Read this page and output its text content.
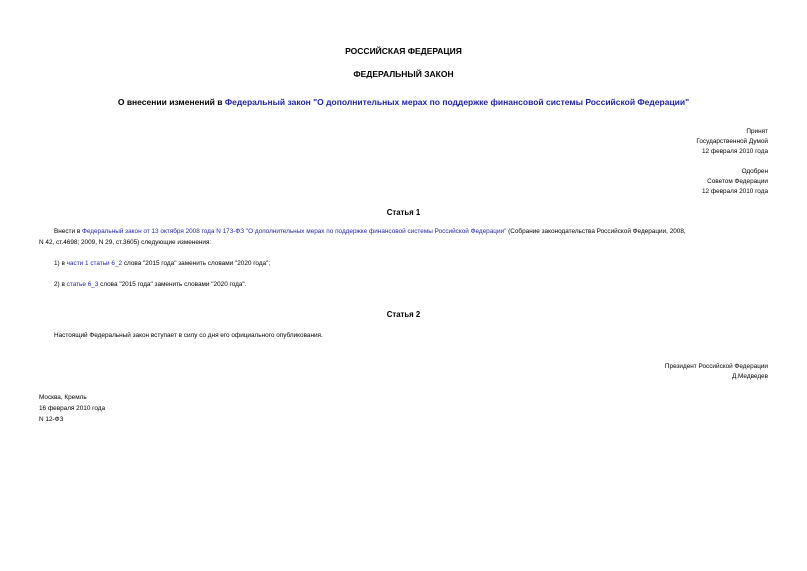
РОССИЙСКАЯ ФЕДЕРАЦИЯ
ФЕДЕРАЛЬНЫЙ ЗАКОН
О внесении изменений в Федеральный закон "О дополнительных мерах по поддержке финансовой системы Российской Федерации"
Принят
Государственной Думой
12 февраля 2010 года
Одобрен
Советом Федерации
12 февраля 2010 года
Статья 1
Внести в Федеральный закон от 13 октября 2008 года N 173-ФЗ "О дополнительных мерах по поддержке финансовой системы Российской Федерации" (Собрание законодательства Российской Федерации, 2008,
N 42, ст.4698; 2009, N 29, ст.3605) следующие изменения:
1) в части 1 статьи 6_2 слова "2015 года" заменить словами "2020 года";
2) в статье 6_3 слова "2015 года" заменить словами "2020 года".
Статья 2
Настоящий Федеральный закон вступает в силу со дня его официального опубликования.
Президент Российской Федерации
Д.Медведев
Москва, Кремль
16 февраля 2010 года
N 12-ФЗ
